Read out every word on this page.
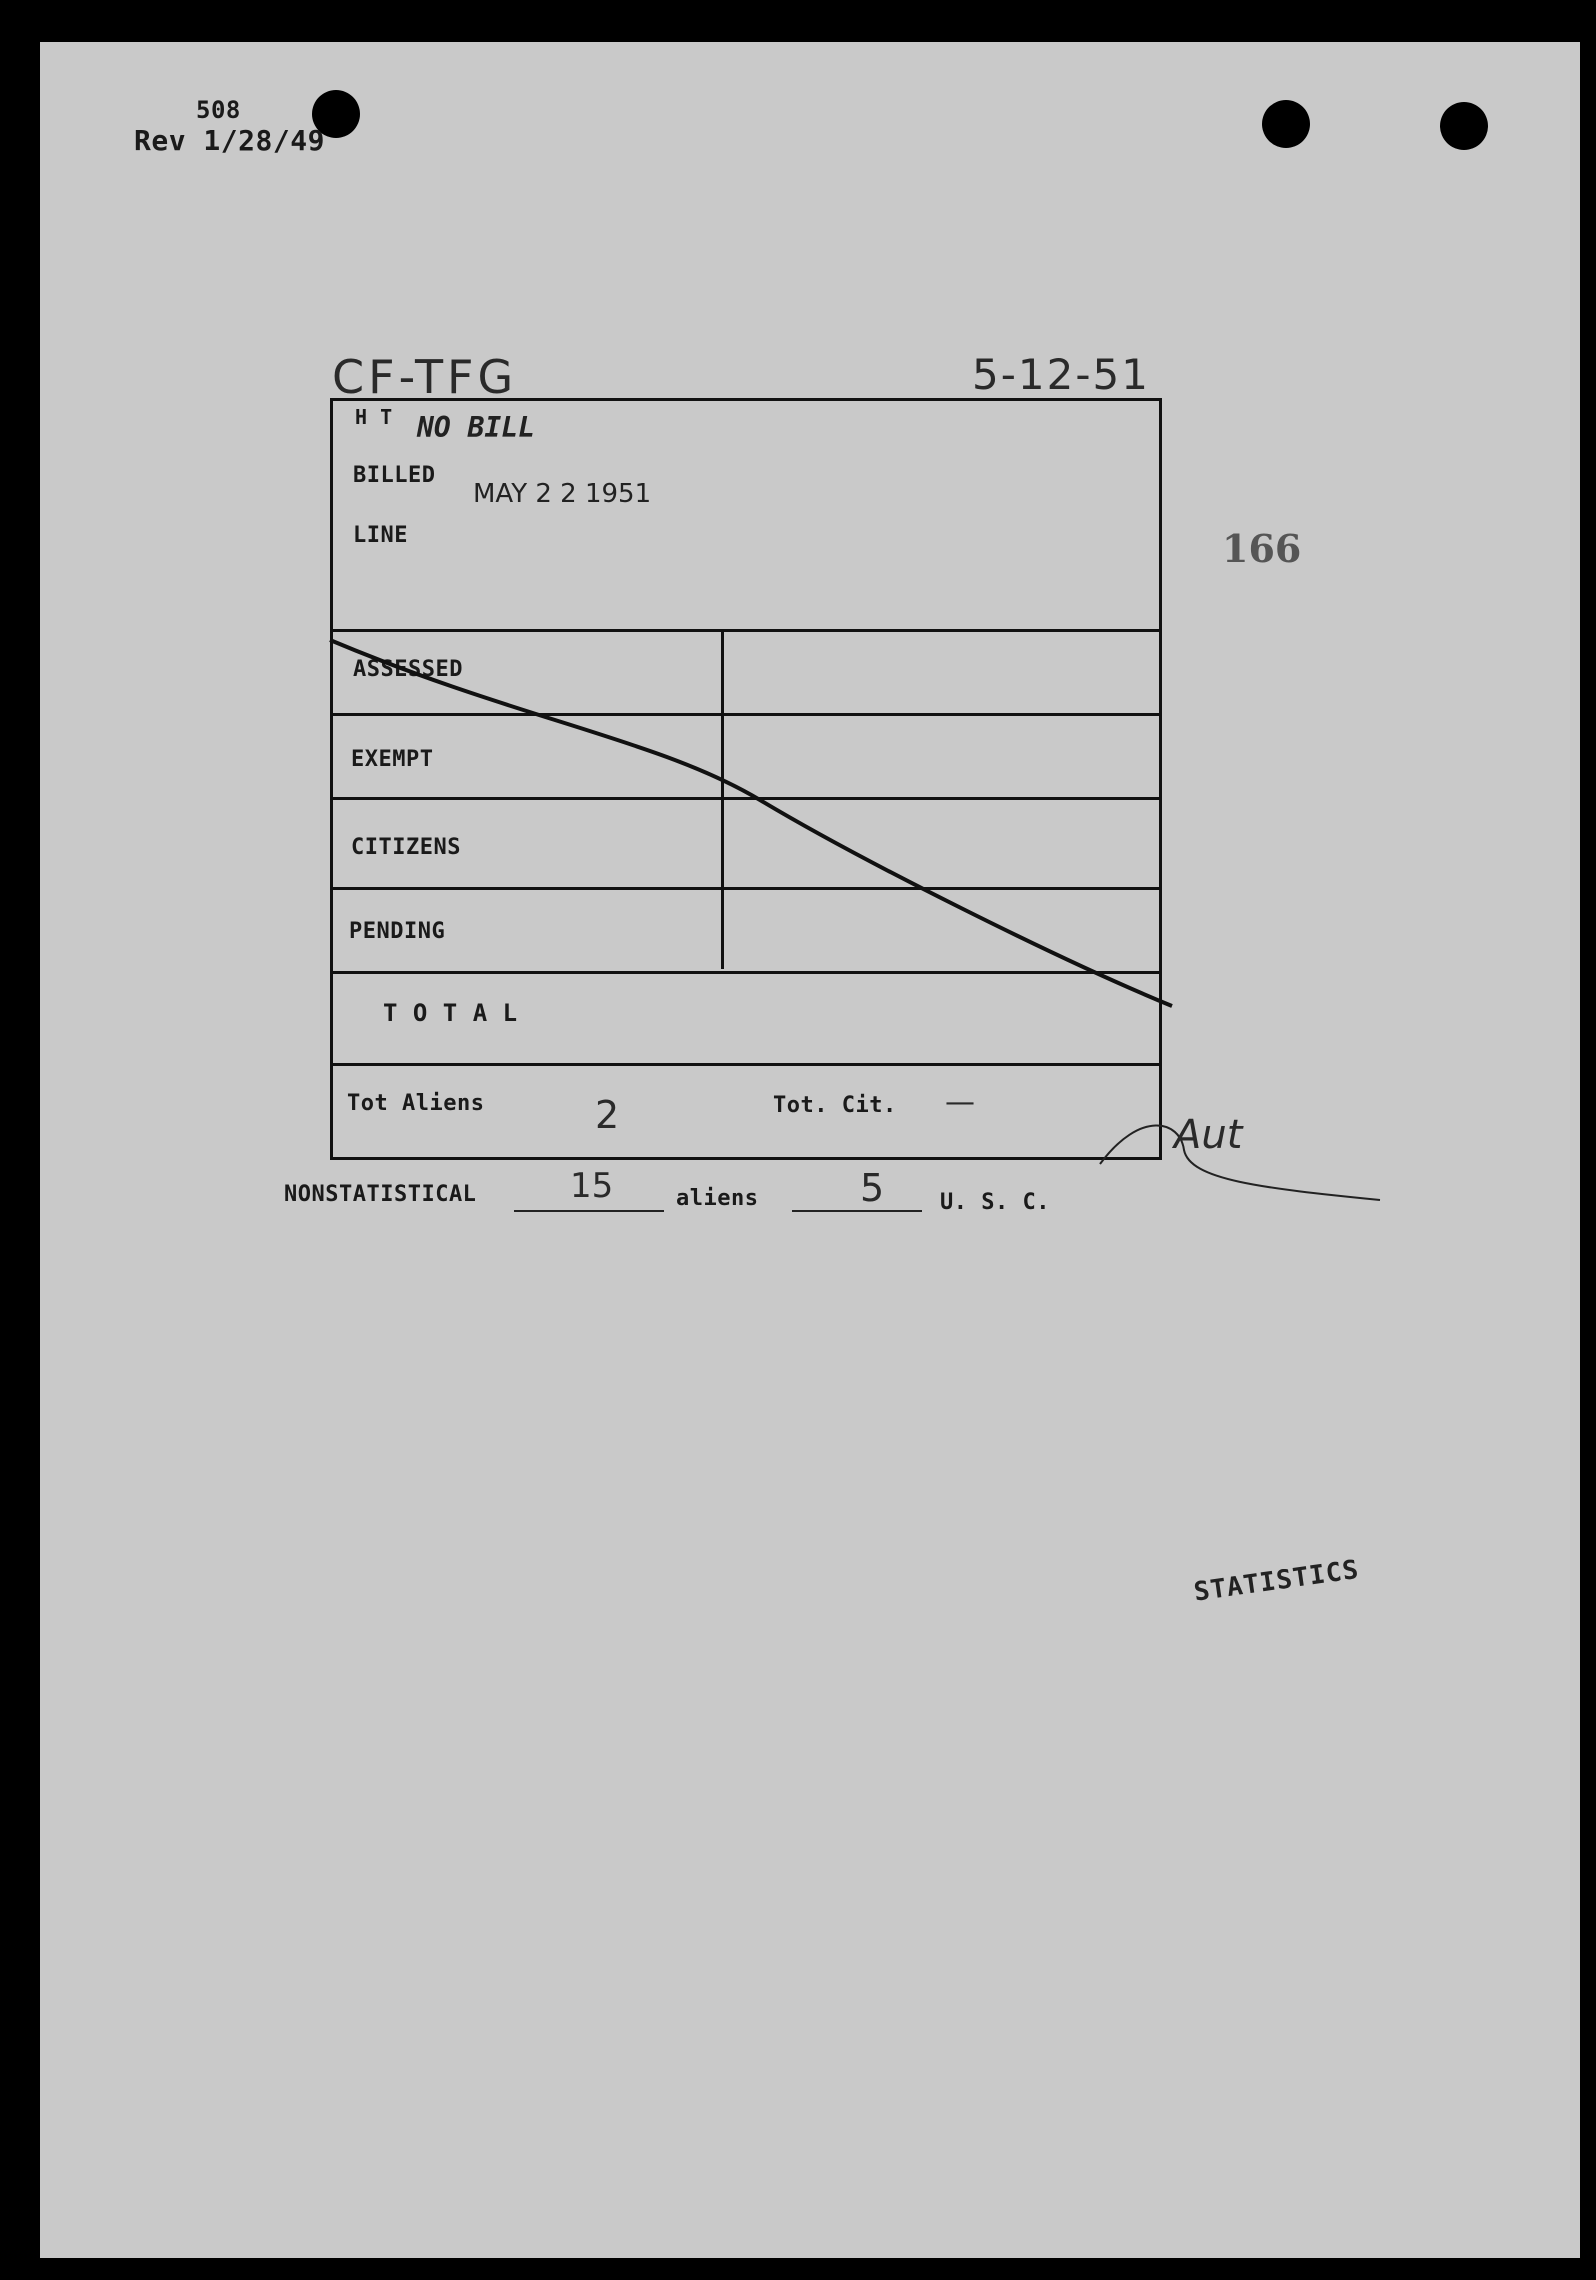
508
Rev 1/28/49
CF-TFG	5-12-51
166
H T NO BILL
BILLED
MAY 2 2 1951
LINE
ASSESSED
EXEMPT
CITIZENS
PENDING
T O T A L
Tot Aliens	2	Tot. Cit. —
Aut
NONSTATISTICAL	15	aliens	5	U. S. C.
STATISTICS
